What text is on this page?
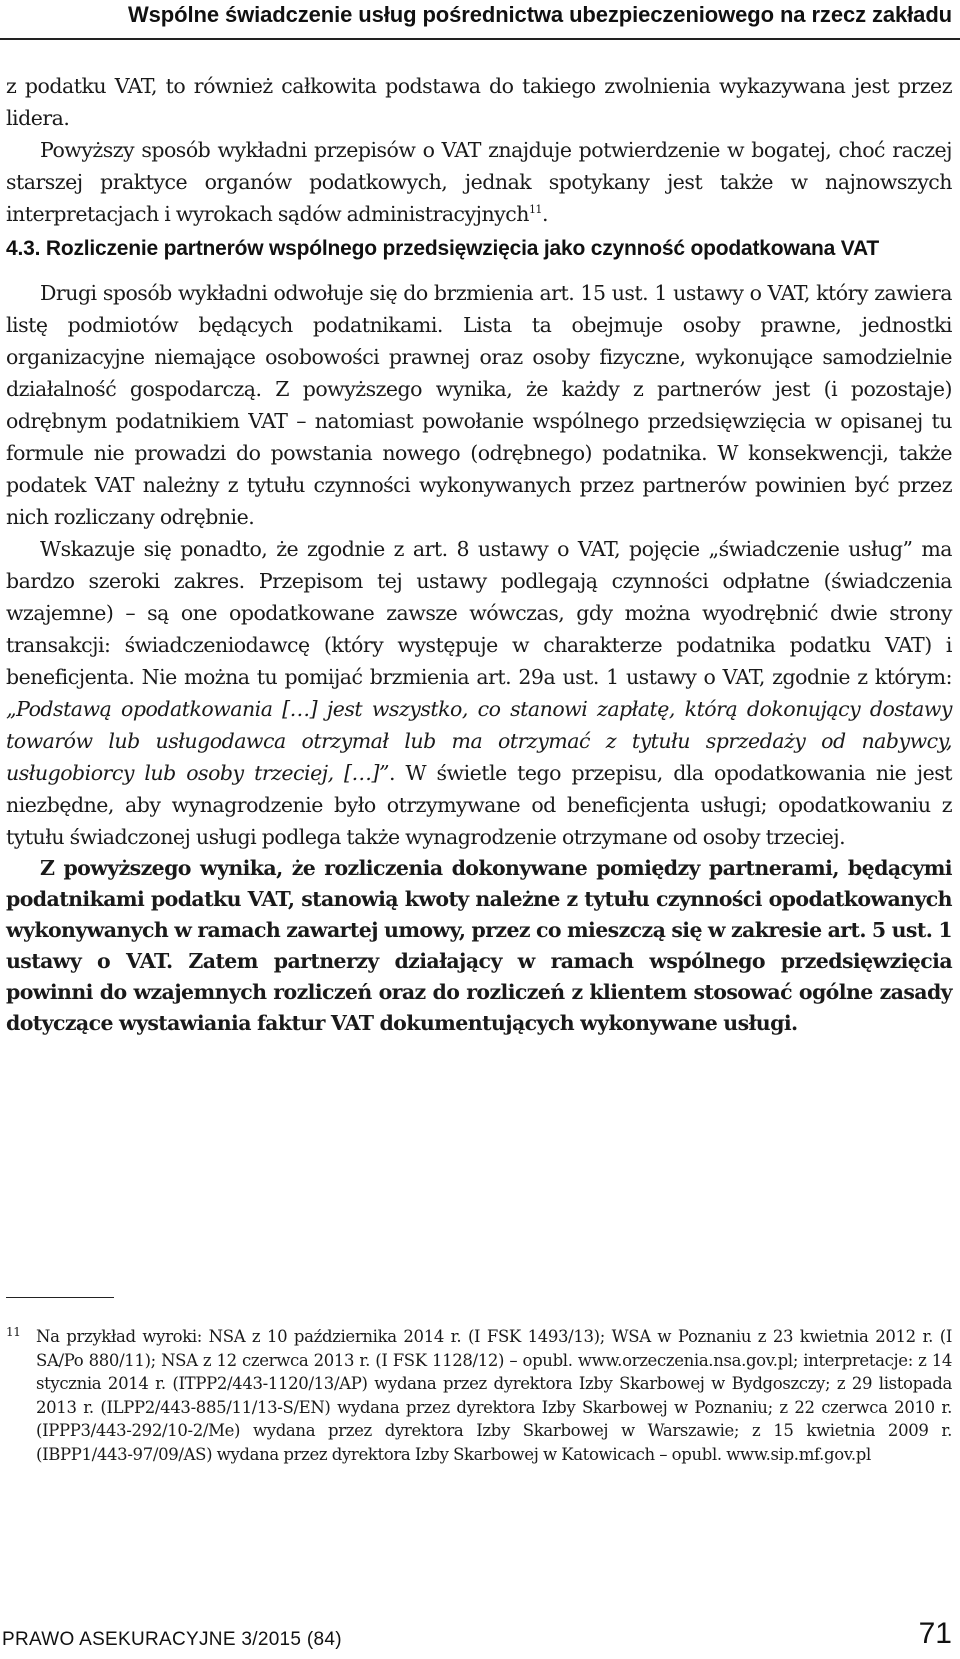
Wspólne świadczenie usług pośrednictwa ubezpieczeniowego na rzecz zakładu

z podatku VAT, to również całkowita podstawa do takiego zwolnienia wykazywana jest przez lidera.

Powyższy sposób wykładni przepisów o VAT znajduje potwierdzenie w bogatej, choć raczej starszej praktyce organów podatkowych, jednak spotykany jest także w najnowszych interpretacjach i wyrokach sądów administracyjnych$^{11}$.

4.3. Rozliczenie partnerów wspólnego przedsięwzięcia jako czynność opodatkowana VAT

Drugi sposób wykładni odwołuje się do brzmienia art. 15 ust. 1 ustawy o VAT, który zawiera listę podmiotów będących podatnikami. Lista ta obejmuje osoby prawne, jednostki organizacyjne niemające osobowości prawnej oraz osoby fizyczne, wykonujące samodzielnie działalność gospodarczą. Z powyższego wynika, że każdy z partnerów jest (i pozostaje) odrębnym podatnikiem VAT – natomiast powołanie wspólnego przedsięwzięcia w opisanej tu formule nie prowadzi do powstania nowego (odrębnego) podatnika. W konsekwencji, także podatek VAT należny z tytułu czynności wykonywanych przez partnerów powinien być przez nich rozliczany odrębnie.

Wskazuje się ponadto, że zgodnie z art. 8 ustawy o VAT, pojęcie „świadczenie usług” ma bardzo szeroki zakres. Przepisom tej ustawy podlegają czynności odpłatne (świadczenia wzajemne) – są one opodatkowane zawsze wówczas, gdy można wyodrębnić dwie strony transakcji: świadczeniodawcę (który występuje w charakterze podatnika podatku VAT) i beneficjenta. Nie można tu pomijać brzmienia art. 29a ust. 1 ustawy o VAT, zgodnie z którym: „Podstawą opodatkowania […] jest wszystko, co stanowi zapłatę, którą dokonujący dostawy towarów lub usługodawca otrzymał lub ma otrzymać z tytułu sprzedaży od nabywcy, usługobiorcy lub osoby trzeciej, […]”. W świetle tego przepisu, dla opodatkowania nie jest niezbędne, aby wynagrodzenie było otrzymywane od beneficjenta usługi; opodatkowaniu z tytułu świadczonej usługi podlega także wynagrodzenie otrzymane od osoby trzeciej.

Z powyższego wynika, że rozliczenia dokonywane pomiędzy partnerami, będącymi podatnikami podatku VAT, stanowią kwoty należne z tytułu czynności opodatkowanych wykonywanych w ramach zawartej umowy, przez co mieszczą się w zakresie art. 5 ust. 1 ustawy o VAT. Zatem partnerzy działający w ramach wspólnego przedsięwzięcia powinni do wzajemnych rozliczeń oraz do rozliczeń z klientem stosować ogólne zasady dotyczące wystawiania faktur VAT dokumentujących wykonywane usługi.

11 Na przykład wyroki: NSA z 10 października 2014 r. (I FSK 1493/13); WSA w Poznaniu z 23 kwietnia 2012 r. (I SA/Po 880/11); NSA z 12 czerwca 2013 r. (I FSK 1128/12) – opubl. www.orzeczenia.nsa.gov.pl; interpretacje: z 14 stycznia 2014 r. (ITPP2/443-1120/13/AP) wydana przez dyrektora Izby Skarbowej w Bydgoszczy; z 29 listopada 2013 r. (ILPP2/443-885/11/13-S/EN) wydana przez dyrektora Izby Skarbowej w Poznaniu; z 22 czerwca 2010 r. (IPPP3/443-292/10-2/Me) wydana przez dyrektora Izby Skarbowej w Warszawie; z 15 kwietnia 2009 r. (IBPP1/443-97/09/AS) wydana przez dyrektora Izby Skarbowej w Katowicach – opubl. www.sip.mf.gov.pl

PRAWO ASEKURACYJNE 3/2015 (84)	71
